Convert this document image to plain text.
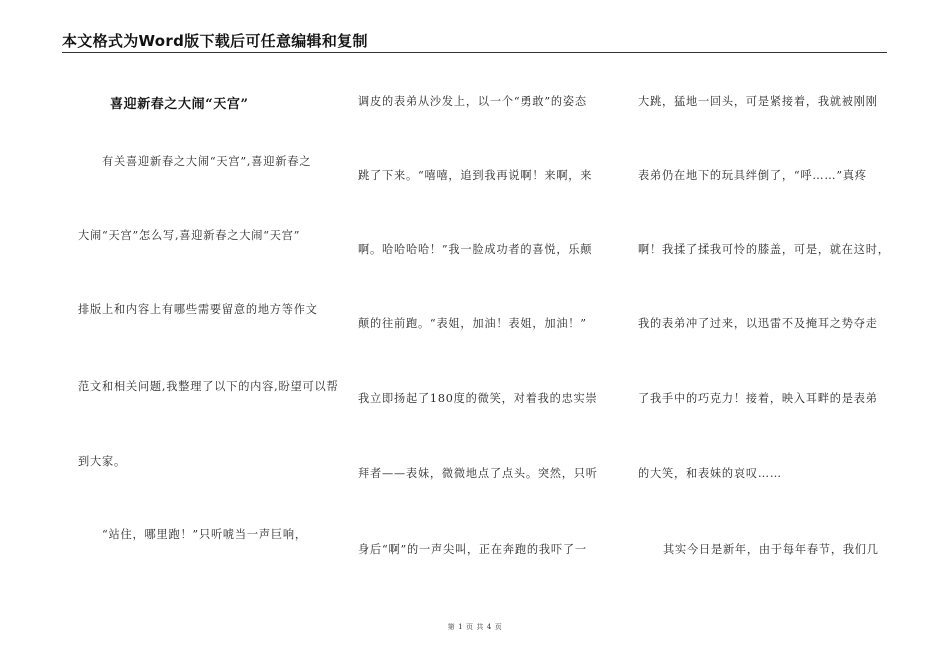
本文格式为Word版下载后可任意编辑和复制
喜迎新春之大闹“天宫”
有关喜迎新春之大闹“天宫”,喜迎新春之
大闹“天宫”怎么写,喜迎新春之大闹“天宫”
排版上和内容上有哪些需要留意的地方等作文
范文和相关问题,我整理了以下的内容,盼望可以帮
到大家。
“站住，哪里跑！”只听唬当一声巨响，
调皮的表弟从沙发上，以一个“勇敢”的姿态
跳了下来。“嘻嘻，追到我再说啊！来啊，来
啊。哈哈哈哈！”我一脸成功者的喜悦，乐颠
颠的往前跑。“表姐，加油！表姐，加油！”
我立即扬起了180度的微笑，对着我的忠实崇
拜者——表妹，微微地点了点头。突然，只听
身后“啊”的一声尖叫，正在奔跑的我吓了一
大跳，猛地一回头，可是紧接着，我就被刚刚
表弟仍在地下的玩具绊倒了，“呼……”真疼
啊！我揉了揉我可怜的膝盖，可是，就在这时，
我的表弟冲了过来，以迅雷不及掩耳之势夺走
了我手中的巧克力！接着，映入耳畔的是表弟
的大笑，和表妹的哀叹……
其实今日是新年，由于每年春节，我们几
第 1 页 共 4 页
